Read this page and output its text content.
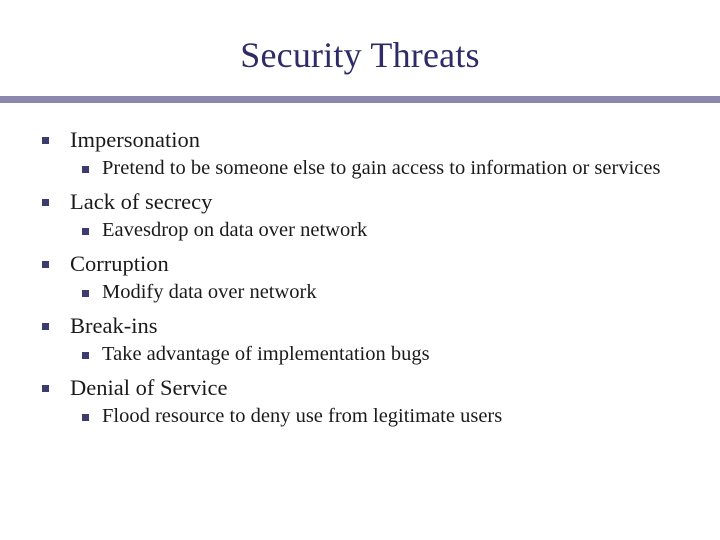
Security Threats
Impersonation
Pretend to be someone else to gain access to information or services
Lack of secrecy
Eavesdrop on data over network
Corruption
Modify data over network
Break-ins
Take advantage of implementation bugs
Denial of Service
Flood resource to deny use from legitimate users
